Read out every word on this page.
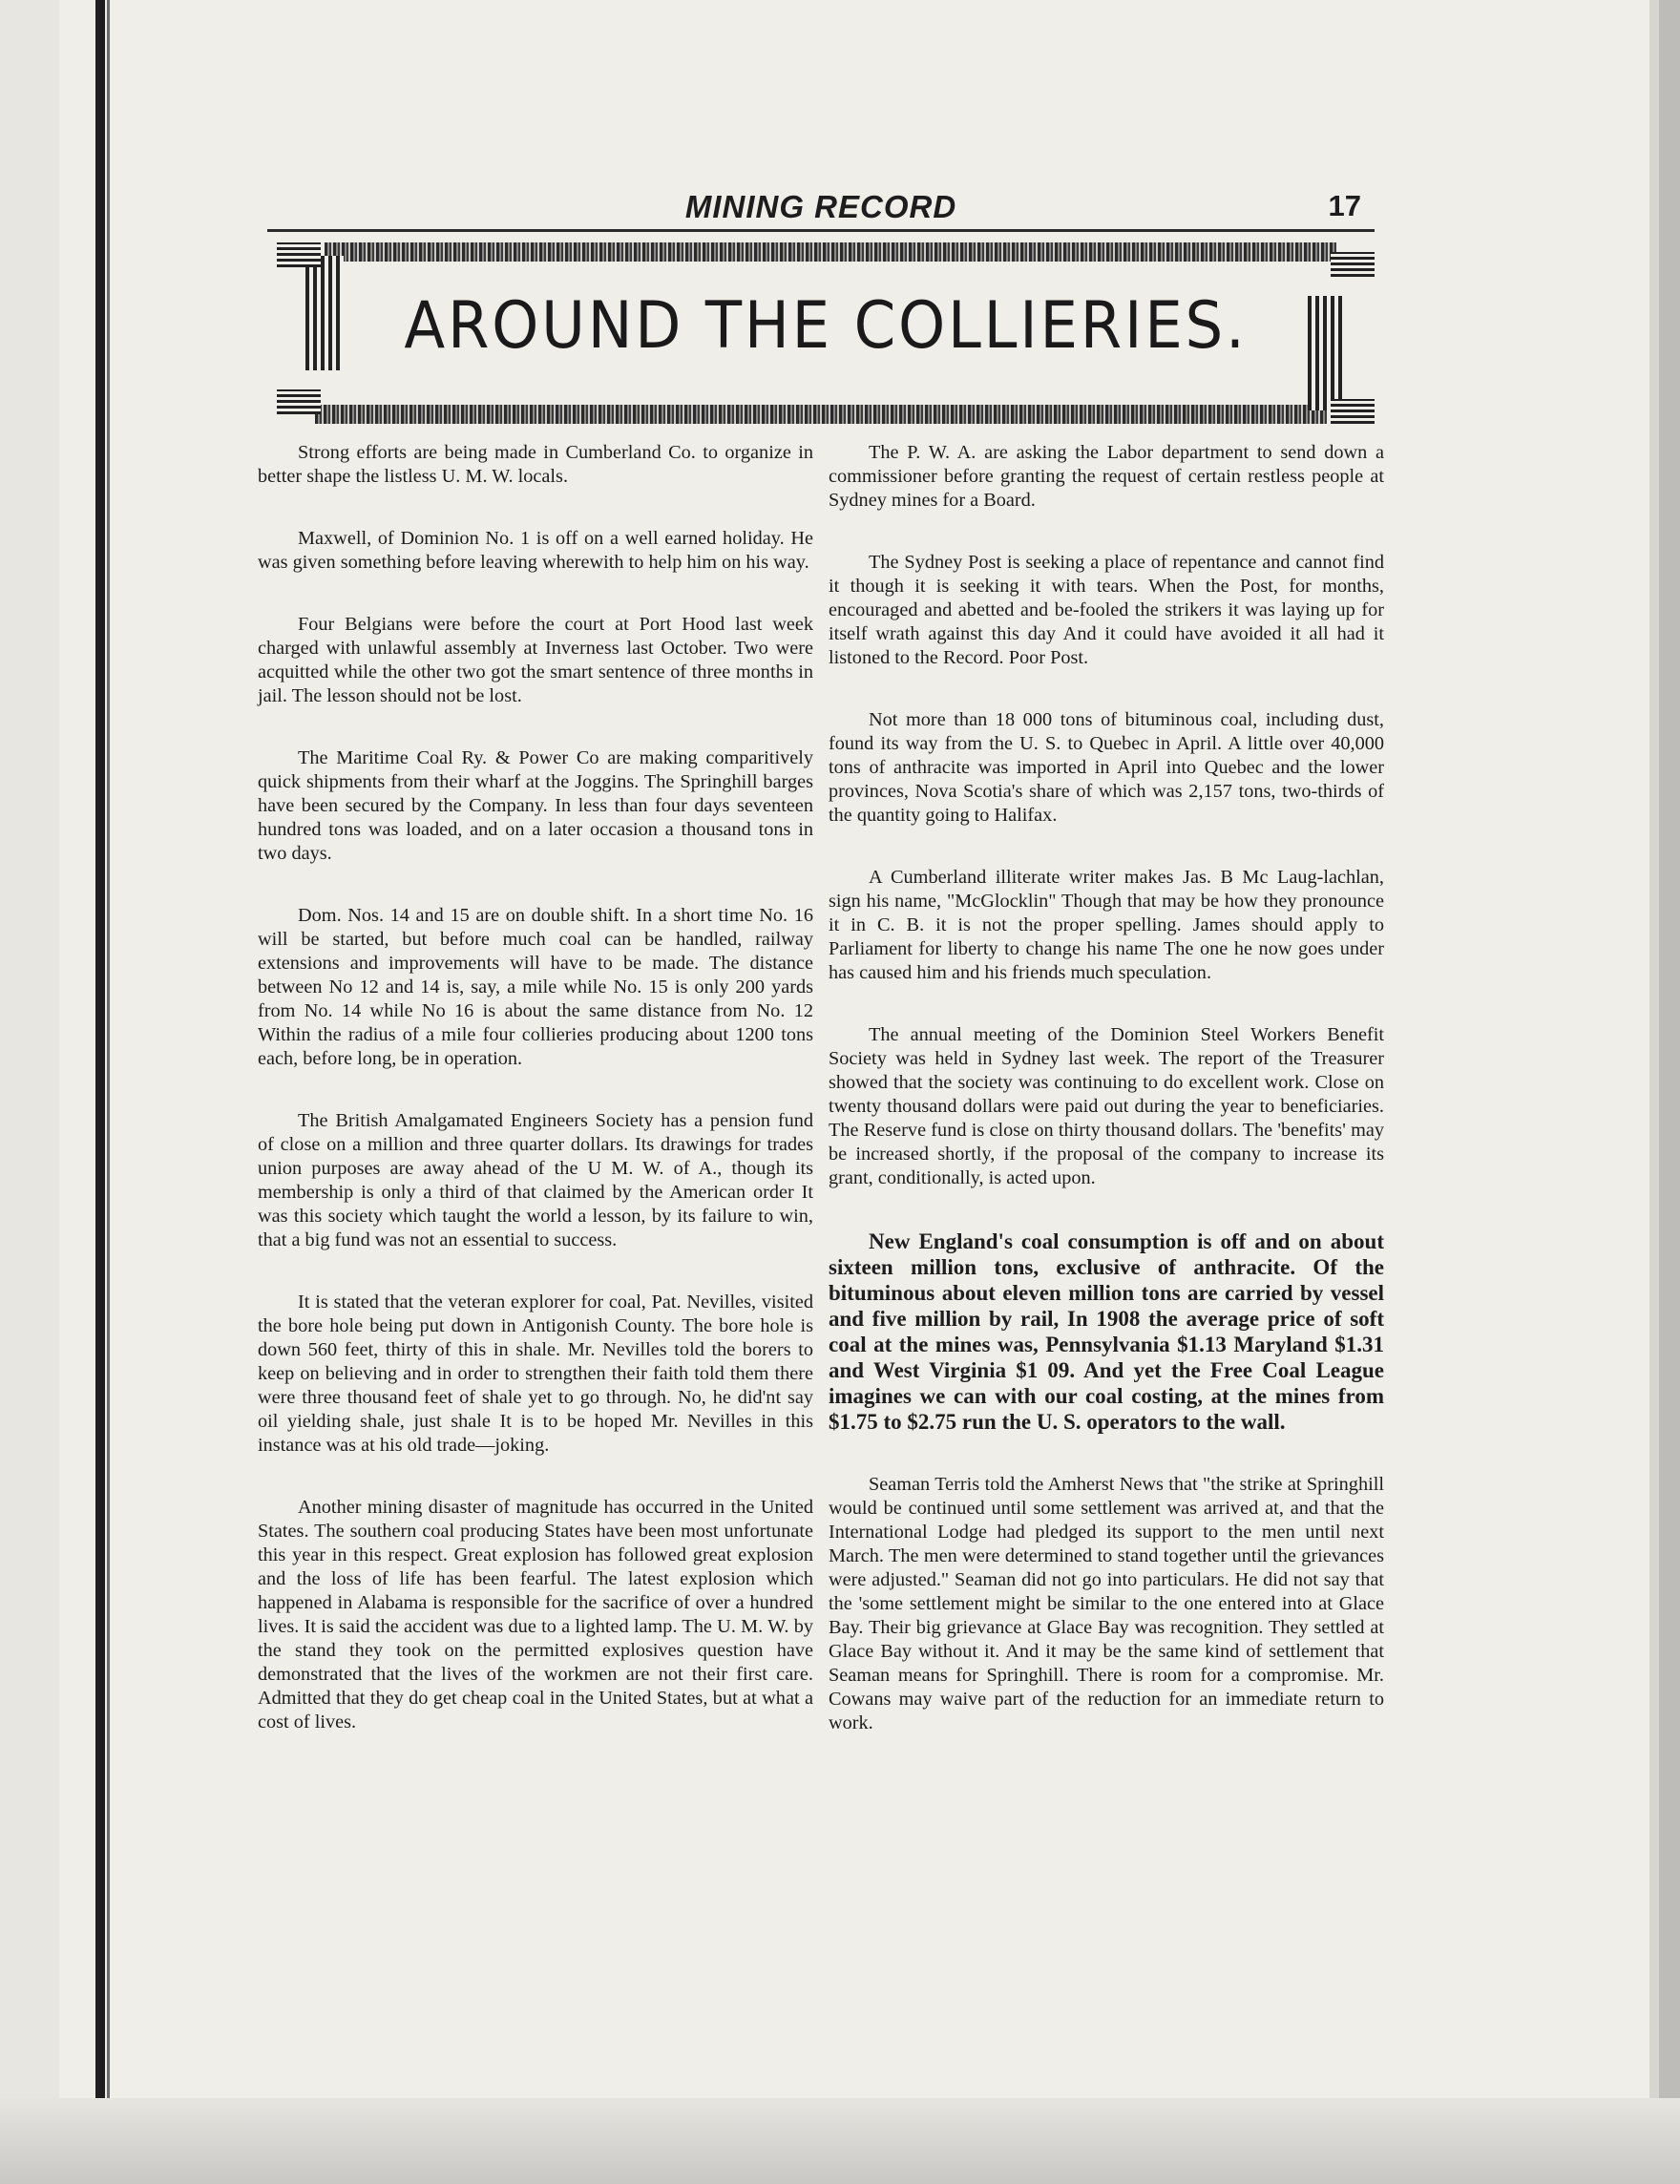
MINING RECORD	17
AROUND THE COLLIERIES.

Strong efforts are being made in Cumberland Co. to organize in better shape the listless U. M. W. locals.

Maxwell, of Dominion No. 1 is off on a well earned holiday. He was given something before leaving wherewith to help him on his way.

Four Belgians were before the court at Port Hood last week charged with unlawful assembly at Inverness last October. Two were acquitted while the other two got the smart sentence of three months in jail. The lesson should not be lost.

The Maritime Coal Ry. & Power Co are making comparitively quick shipments from their wharf at the Joggins. The Springhill barges have been secured by the Company. In less than four days seventeen hundred tons was loaded, and on a later occasion a thousand tons in two days.

Dom. Nos. 14 and 15 are on double shift. In a short time No. 16 will be started, but before much coal can be handled, railway extensions and improvements will have to be made. The distance between No 12 and 14 is, say, a mile while No. 15 is only 200 yards from No. 14 while No 16 is about the same distance from No. 12 Within the radius of a mile four collieries producing about 1200 tons each, before long, be in operation.

The British Amalgamated Engineers Society has a pension fund of close on a million and three quarter dollars. Its drawings for trades union purposes are away ahead of the U M. W. of A., though its membership is only a third of that claimed by the American order It was this society which taught the world a lesson, by its failure to win, that a big fund was not an essential to success.

It is stated that the veteran explorer for coal, Pat. Nevilles, visited the bore hole being put down in Antigonish County. The bore hole is down 560 feet, thirty of this in shale. Mr. Nevilles told the borers to keep on believing and in order to strengthen their faith told them there were three thousand feet of shale yet to go through. No, he did'nt say oil yielding shale, just shale It is to be hoped Mr. Nevilles in this instance was at his old trade—joking.

Another mining disaster of magnitude has occurred in the United States. The southern coal producing States have been most unfortunate this year in this respect. Great explosion has followed great explosion and the loss of life has been fearful. The latest explosion which happened in Alabama is responsible for the sacrifice of over a hundred lives. It is said the accident was due to a lighted lamp. The U. M. W. by the stand they took on the permitted explosives question have demonstrated that the lives of the workmen are not their first care. Admitted that they do get cheap coal in the United States, but at what a cost of lives.

The P. W. A. are asking the Labor department to send down a commissioner before granting the request of certain restless people at Sydney mines for a Board.

The Sydney Post is seeking a place of repentance and cannot find it though it is seeking it with tears. When the Post, for months, encouraged and abetted and be-fooled the strikers it was laying up for itself wrath against this day And it could have avoided it all had it listoned to the Record. Poor Post.

Not more than 18 000 tons of bituminous coal, including dust, found its way from the U. S. to Quebec in April. A little over 40,000 tons of anthracite was imported in April into Quebec and the lower provinces, Nova Scotia's share of which was 2,157 tons, two-thirds of the quantity going to Halifax.

A Cumberland illiterate writer makes Jas. B Mc Laug-lachlan, sign his name, "McGlocklin" Though that may be how they pronounce it in C. B. it is not the proper spelling. James should apply to Parliament for liberty to change his name The one he now goes under has caused him and his friends much speculation.

The annual meeting of the Dominion Steel Workers Benefit Society was held in Sydney last week. The report of the Treasurer showed that the society was continuing to do excellent work. Close on twenty thousand dollars were paid out during the year to beneficiaries. The Reserve fund is close on thirty thousand dollars. The 'benefits' may be increased shortly, if the proposal of the company to increase its grant, conditionally, is acted upon.

New England's coal consumption is off and on about sixteen million tons, exclusive of anthracite. Of the bituminous about eleven million tons are carried by vessel and five million by rail, In 1908 the average price of soft coal at the mines was, Pennsylvania $1.13 Maryland $1.31 and West Virginia $1 09. And yet the Free Coal League imagines we can with our coal costing, at the mines from $1.75 to $2.75 run the U. S. operators to the wall.

Seaman Terris told the Amherst News that "the strike at Springhill would be continued until some settlement was arrived at, and that the International Lodge had pledged its support to the men until next March. The men were determined to stand together until the grievances were adjusted." Seaman did not go into particulars. He did not say that the 'some settlement might be similar to the one entered into at Glace Bay. Their big grievance at Glace Bay was recognition. They settled at Glace Bay without it. And it may be the same kind of settlement that Seaman means for Springhill. There is room for a compromise. Mr. Cowans may waive part of the reduction for an immediate return to work.
